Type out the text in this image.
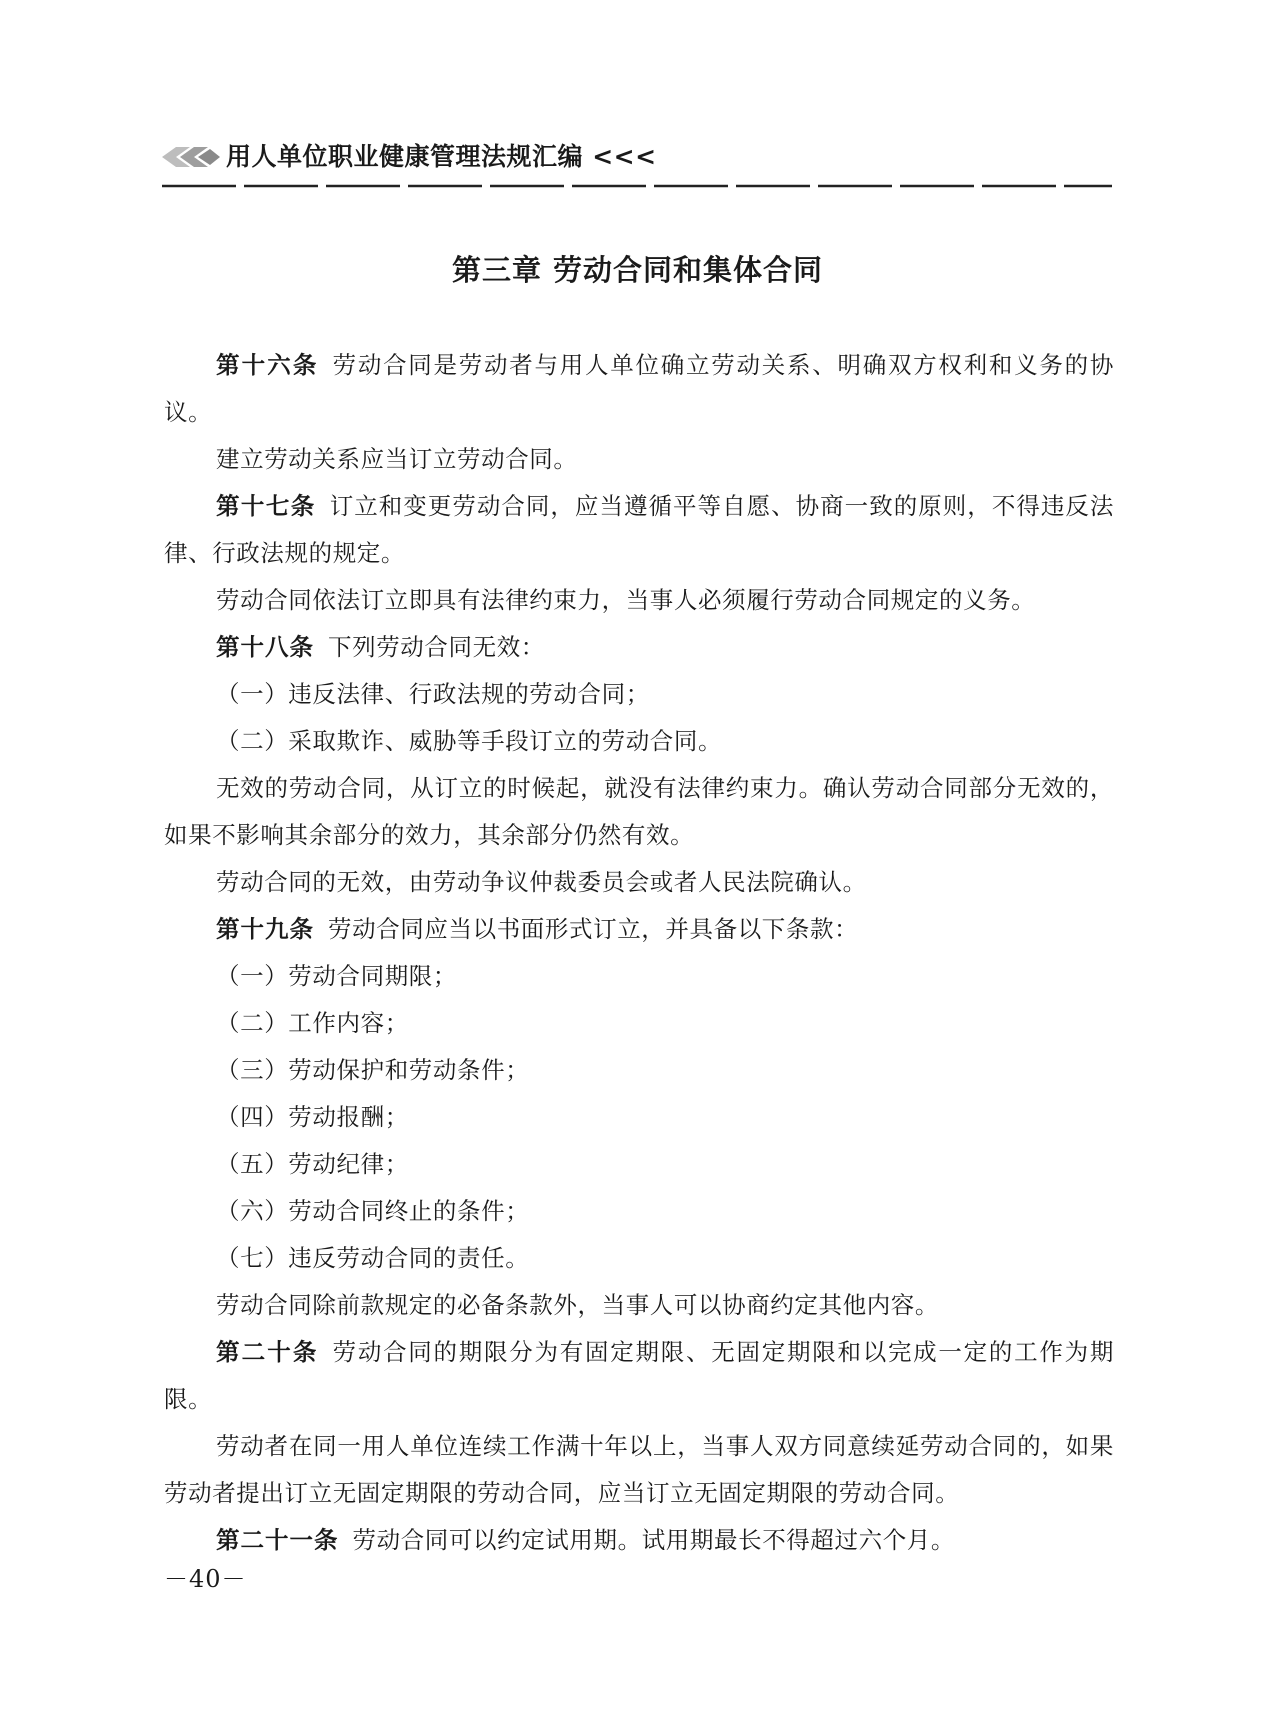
用人单位职业健康管理法规汇编 <<<
第三章 劳动合同和集体合同

第十六条 劳动合同是劳动者与用人单位确立劳动关系、明确双方权利和义务的协议。

建立劳动关系应当订立劳动合同。

第十七条 订立和变更劳动合同，应当遵循平等自愿、协商一致的原则，不得违反法律、行政法规的规定。

劳动合同依法订立即具有法律约束力，当事人必须履行劳动合同规定的义务。

第十八条 下列劳动合同无效：

（一）违反法律、行政法规的劳动合同；

（二）采取欺诈、威胁等手段订立的劳动合同。

无效的劳动合同，从订立的时候起，就没有法律约束力。确认劳动合同部分无效的，如果不影响其余部分的效力，其余部分仍然有效。

劳动合同的无效，由劳动争议仲裁委员会或者人民法院确认。

第十九条 劳动合同应当以书面形式订立，并具备以下条款：

（一）劳动合同期限；

（二）工作内容；

（三）劳动保护和劳动条件；

（四）劳动报酬；

（五）劳动纪律；

（六）劳动合同终止的条件；

（七）违反劳动合同的责任。

劳动合同除前款规定的必备条款外，当事人可以协商约定其他内容。

第二十条 劳动合同的期限分为有固定期限、无固定期限和以完成一定的工作为期限。

劳动者在同一用人单位连续工作满十年以上，当事人双方同意续延劳动合同的，如果劳动者提出订立无固定期限的劳动合同，应当订立无固定期限的劳动合同。

第二十一条 劳动合同可以约定试用期。试用期最长不得超过六个月。

－40－
